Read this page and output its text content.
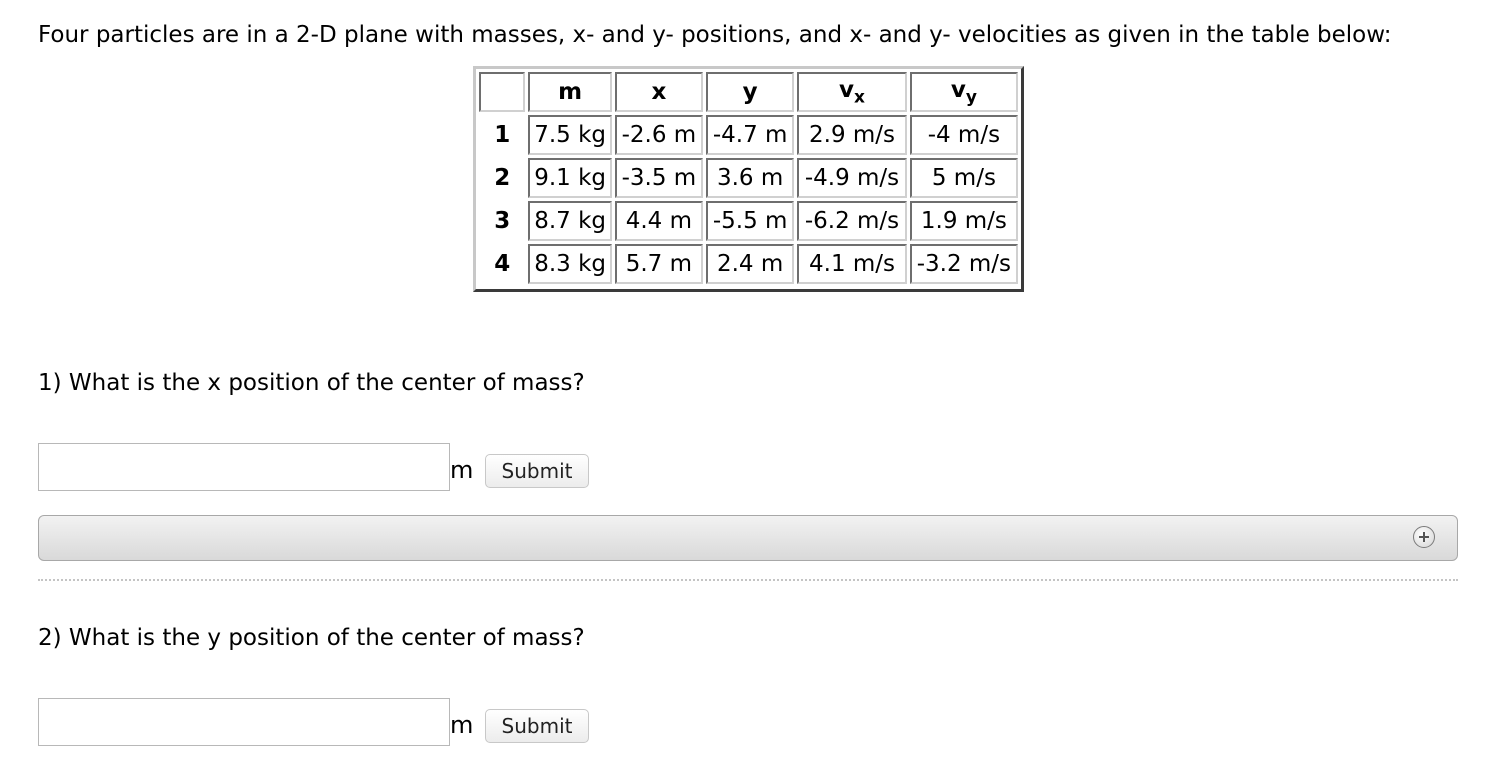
Four particles are in a 2-D plane with masses, x- and y- positions, and x- and y- velocities as given in the table below:
	m	x	y	$v_x$	$v_y$
1	7.5 kg	-2.6 m	-4.7 m	2.9 m/s	-4 m/s
2	9.1 kg	-3.5 m	3.6 m	-4.9 m/s	5 m/s
3	8.7 kg	4.4 m	-5.5 m	-6.2 m/s	1.9 m/s
4	8.3 kg	5.7 m	2.4 m	4.1 m/s	-3.2 m/s
1) What is the x position of the center of mass?
m	Submit
2) What is the y position of the center of mass?
m	Submit
